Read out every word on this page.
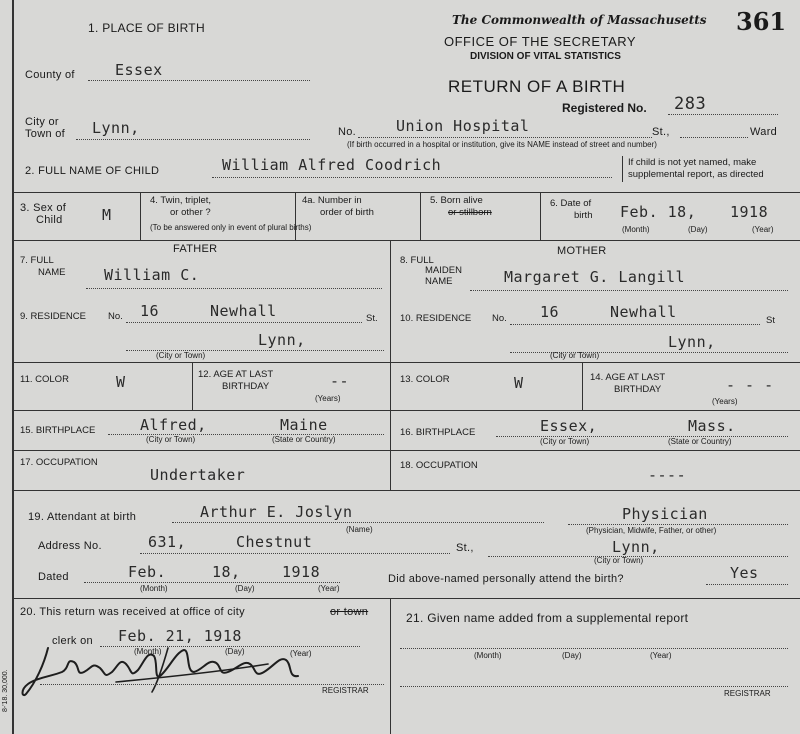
1. PLACE OF BIRTH
The Commonwealth of Massachusetts
OFFICE OF THE SECRETARY
DIVISION OF VITAL STATISTICS
361
RETURN OF A BIRTH
Registered No. 283
County of	Essex
City or
Town of Lynn,	No.	Union Hospital	St.,	Ward
(If birth occurred in a hospital or institution, give its NAME instead of street and number)
2. FULL NAME OF CHILD	William Alfred Coodrich	If child is not yet named, make
supplemental report, as directed
3. Sex of
Child	M
4. Twin, triplet,
or other ?
4a. Number in
order of birth
(To be answered only in event of plural births)
5. Born alive
or stillborn
6. Date of
birth Feb. 18, 1918
(Month)	(Day)	(Year)
FATHER	MOTHER
7. FULL
NAME	William C.
8. FULL
MAIDEN
NAME	Margaret G. Langill
9. RESIDENCE No. 16	Newhall	St.
Lynn,
(City or Town)
10. RESIDENCE No. 16	Newhall	St
Lynn,
(City or Town)
11. COLOR	W	12. AGE AT LAST
BIRTHDAY	--
(Years)
13. COLOR	W	14. AGE AT LAST
BIRTHDAY	- - -
(Years)
15. BIRTHPLACE	Alfred,	Maine
(City or Town)	(State or Country)
16. BIRTHPLACE	Essex,	Mass.
(City or Town)	(State or Country)
17. OCCUPATION
Undertaker
18. OCCUPATION
----
19. Attendant at birth	Arthur E. Joslyn
(Name)
Physician
(Physician, Midwife, Father, or other)
Address No.	631,	Chestnut	St.,	Lynn,
(City or Town)
Dated	Feb.	18,	1918
(Month)	(Day)	(Year)
Did above-named personally attend the birth?	Yes
20. This return was received at office of city	or town
clerk on Feb. 21, 1918
(Month)	(Day)	(Year)
REGISTRAR
8-'18. 30,000.
21. Given name added from a supplemental report
(Month)	(Day)	(Year)
REGISTRAR
